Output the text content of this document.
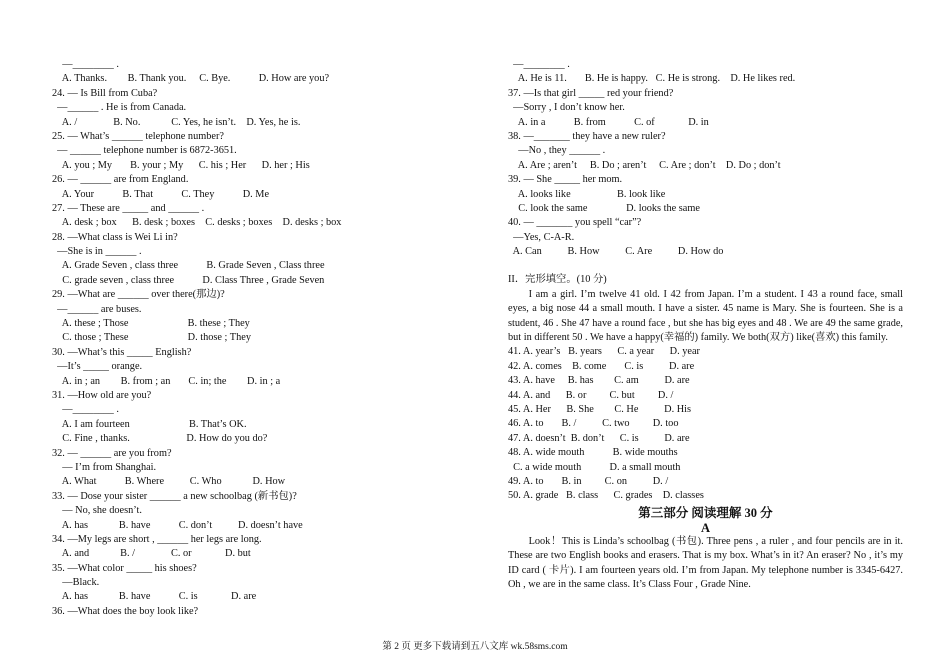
—________ .
A. Thanks.        B. Thank you.     C. Bye.           D. How are you?
24. — Is Bill from Cuba?
—______ . He is from Canada.
A. /              B. No.            C. Yes, he isn’t.    D. Yes, he is.
25. — What’s ______ telephone number?
— ______ telephone number is 6872-3651.
A. you ; My       B. your ; My      C. his ; Her      D. her ; His
26. — ______ are from England.
A. Your           B. That           C. They           D. Me
27. — These are _____ and ______ .
A. desk ; box      B. desk ; boxes    C. desks ; boxes    D. desks ; box
28. —What class is Wei Li in?
—She is in ______ .
A. Grade Seven , class three           B. Grade Seven , Class three
C. grade seven , class three           D. Class Three , Grade Seven
29. —What are ______ over there(那边)?
—______ are buses.
A. these ; Those                       B. these ; They
C. those ; These                       D. those ; They
30. —What’s this _____ English?
—It’s _____ orange.
A. in ; an        B. from ; an       C. in; the        D. in ; a
31. —How old are you?
—________ .
A. I am fourteen                       B. That’s OK.
C. Fine , thanks.                      D. How do you do?
32. — ______ are you from?
— I’m from Shanghai.
A. What           B. Where          C. Who            D. How
33. — Dose your sister ______ a new schoolbag (新书包)?
— No, she doesn’t.
A. has            B. have           C. don’t          D. doesn’t have
34. —My legs are short , ______ her legs are long.
A. and            B. /              C. or             D. but
35. —What color _____ his shoes?
—Black.
A. has            B. have           C. is             D. are
36. —What does the boy look like?
—________ .
A. He is 11.       B. He is happy.   C. He is strong.    D. He likes red.
37. —Is that girl _____ red your friend?
—Sorry , I don’t know her.
A. in a           B. from           C. of             D. in
38. —_______ they have a new ruler?
—No , they ______ .
A. Are ; aren’t     B. Do ; aren’t     C. Are ; don’t    D. Do ; don’t
39. — She _____ her mom.
A. looks like                  B. look like
C. look the same               D. looks the same
40. — _______ you spell “car”?
—Yes, C-A-R.
A. Can          B. How          C. Are          D. How do
II．完形填空。(10 分)
I am a girl. I’m twelve 41 old. I 42 from Japan. I’m a student. I 43 a round face, small eyes, a big nose 44 a small mouth. I have a sister. 45 name is Mary. She is fourteen. She is a student, 46 . She 47 have a round face , but she has big eyes and 48 . We are 49 the same grade, but in different 50 . We have a happy(幸福的) family. We both(双方) like(喜欢) this family.
41. A. year’s   B. years      C. a year      D. year
42. A. comes    B. come       C. is          D. are
43. A. have     B. has        C. am          D. are
44. A. and      B. or         C. but         D. /
45. A. Her      B. She        C. He          D. His
46. A. to       B. /          C. two         D. too
47. A. doesn’t  B. don’t      C. is          D. are
48. A. wide mouth           B. wide mouths
C. a wide mouth           D. a small mouth
49. A. to       B. in         C. on          D. /
50. A. grade   B. class      C. grades    D. classes
第三部分 阅读理解 30 分
A
Look！This is Linda’s schoolbag (书包). Three pens , a ruler , and four pencils are in it. These are two English books and erasers. That is my box. What’s in it? An eraser? No , it’s my ID card ( 卡片). I am fourteen years old. I’m from Japan. My telephone number is 3345-6427. Oh , we are in the same class. It’s Class Four , Grade Nine.
第 2 页 更多下载请到五八文库 wk.58sms.com
